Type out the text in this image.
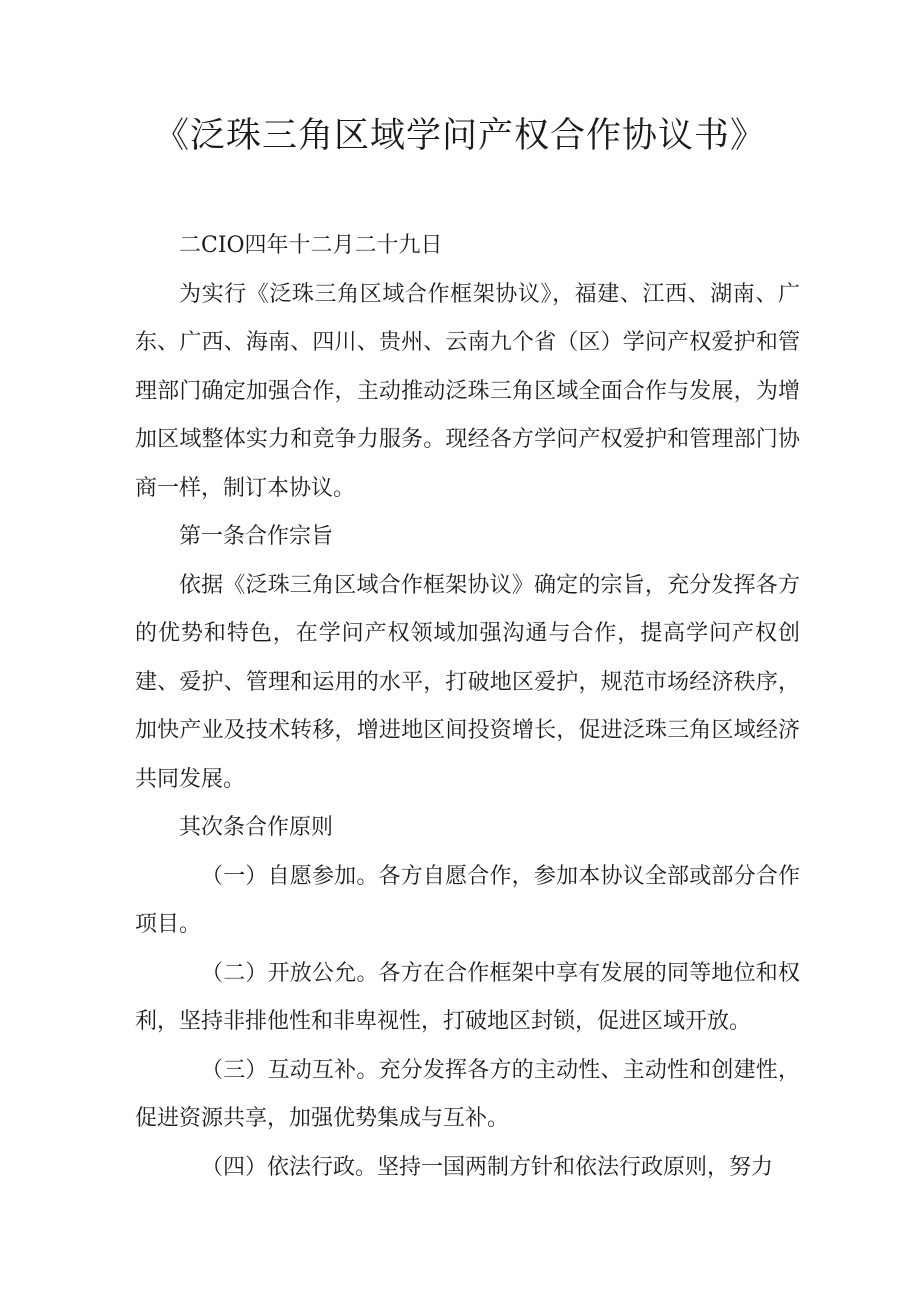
《泛珠三角区域学问产权合作协议书》

二CIO四年十二月二十九日

为实行《泛珠三角区域合作框架协议》，福建、江西、湖南、广东、广西、海南、四川、贵州、云南九个省（区）学问产权爱护和管理部门确定加强合作，主动推动泛珠三角区域全面合作与发展，为增加区域整体实力和竞争力服务。现经各方学问产权爱护和管理部门协商一样，制订本协议。

第一条合作宗旨

依据《泛珠三角区域合作框架协议》确定的宗旨，充分发挥各方的优势和特色，在学问产权领域加强沟通与合作，提高学问产权创建、爱护、管理和运用的水平，打破地区爱护，规范市场经济秩序，加快产业及技术转移，增进地区间投资增长，促进泛珠三角区域经济共同发展。

其次条合作原则

（一）自愿参加。各方自愿合作，参加本协议全部或部分合作项目。

（二）开放公允。各方在合作框架中享有发展的同等地位和权利，坚持非排他性和非卑视性，打破地区封锁，促进区域开放。

（三）互动互补。充分发挥各方的主动性、主动性和创建性，促进资源共享，加强优势集成与互补。

（四）依法行政。坚持一国两制方针和依法行政原则，努力
